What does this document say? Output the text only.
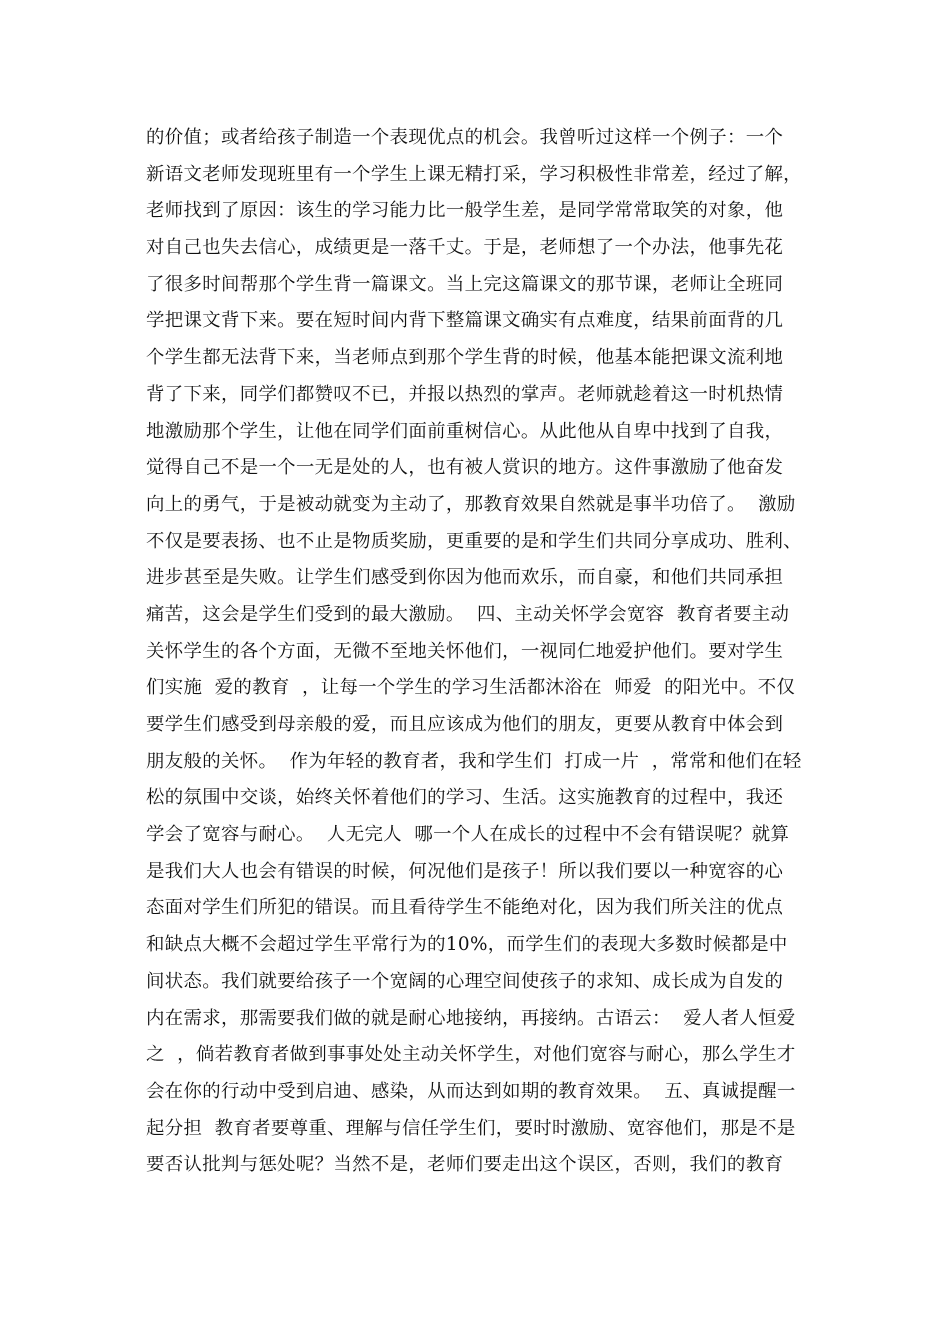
的价值；或者给孩子制造一个表现优点的机会。我曾听过这样一个例子：一个
新语文老师发现班里有一个学生上课无精打采，学习积极性非常差，经过了解，
老师找到了原因：该生的学习能力比一般学生差，是同学常常取笑的对象，他
对自己也失去信心，成绩更是一落千丈。于是，老师想了一个办法，他事先花
了很多时间帮那个学生背一篇课文。当上完这篇课文的那节课，老师让全班同
学把课文背下来。要在短时间内背下整篇课文确实有点难度，结果前面背的几
个学生都无法背下来，当老师点到那个学生背的时候，他基本能把课文流利地
背了下来，同学们都赞叹不已，并报以热烈的掌声。老师就趁着这一时机热情
地激励那个学生，让他在同学们面前重树信心。从此他从自卑中找到了自我，
觉得自己不是一个一无是处的人，也有被人赏识的地方。这件事激励了他奋发
向上的勇气，于是被动就变为主动了，那教育效果自然就是事半功倍了。  激励
不仅是要表扬、也不止是物质奖励，更重要的是和学生们共同分享成功、胜利、
进步甚至是失败。让学生们感受到你因为他而欢乐，而自豪，和他们共同承担
痛苦，这会是学生们受到的最大激励。  四、主动关怀学会宽容  教育者要主动
关怀学生的各个方面，无微不至地关怀他们，一视同仁地爱护他们。要对学生
们实施  爱的教育  ，让每一个学生的学习生活都沐浴在  师爱  的阳光中。不仅
要学生们感受到母亲般的爱，而且应该成为他们的朋友，更要从教育中体会到
朋友般的关怀。  作为年轻的教育者，我和学生们  打成一片  ，常常和他们在轻
松的氛围中交谈，始终关怀着他们的学习、生活。这实施教育的过程中，我还
学会了宽容与耐心。  人无完人  哪一个人在成长的过程中不会有错误呢？就算
是我们大人也会有错误的时候，何况他们是孩子！所以我们要以一种宽容的心
态面对学生们所犯的错误。而且看待学生不能绝对化，因为我们所关注的优点
和缺点大概不会超过学生平常行为的10%，而学生们的表现大多数时候都是中
间状态。我们就要给孩子一个宽阔的心理空间使孩子的求知、成长成为自发的
内在需求，那需要我们做的就是耐心地接纳，再接纳。古语云：  爱人者人恒爱
之  ，倘若教育者做到事事处处主动关怀学生，对他们宽容与耐心，那么学生才
会在你的行动中受到启迪、感染，从而达到如期的教育效果。  五、真诚提醒一
起分担  教育者要尊重、理解与信任学生们，要时时激励、宽容他们，那是不是
要否认批判与惩处呢？当然不是，老师们要走出这个误区，否则，我们的教育
